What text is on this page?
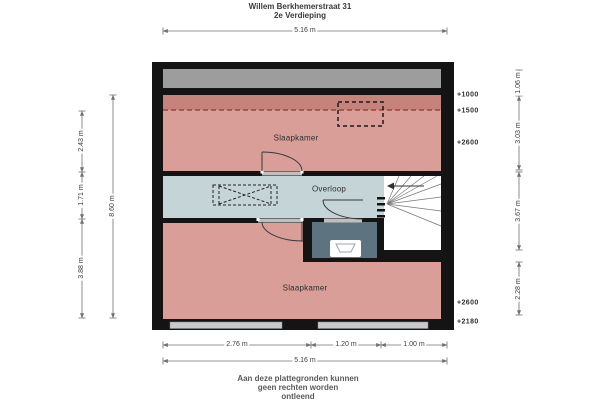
Willem Berkhemerstraat 31
2e Verdieping
Slaapkamer
Overloop
Slaapkamer
5.16 m
2.76 m	1.20 m	1.00 m
5.16 m
2.43 m
1.71 m
3.88 m
8.60 m
1.06 m
3.03 m
3.67 m
2.28 m
+1000
+1500
+2600
+2600
+2180
Aan deze plattegronden kunnen
geen rechten worden
ontleend
